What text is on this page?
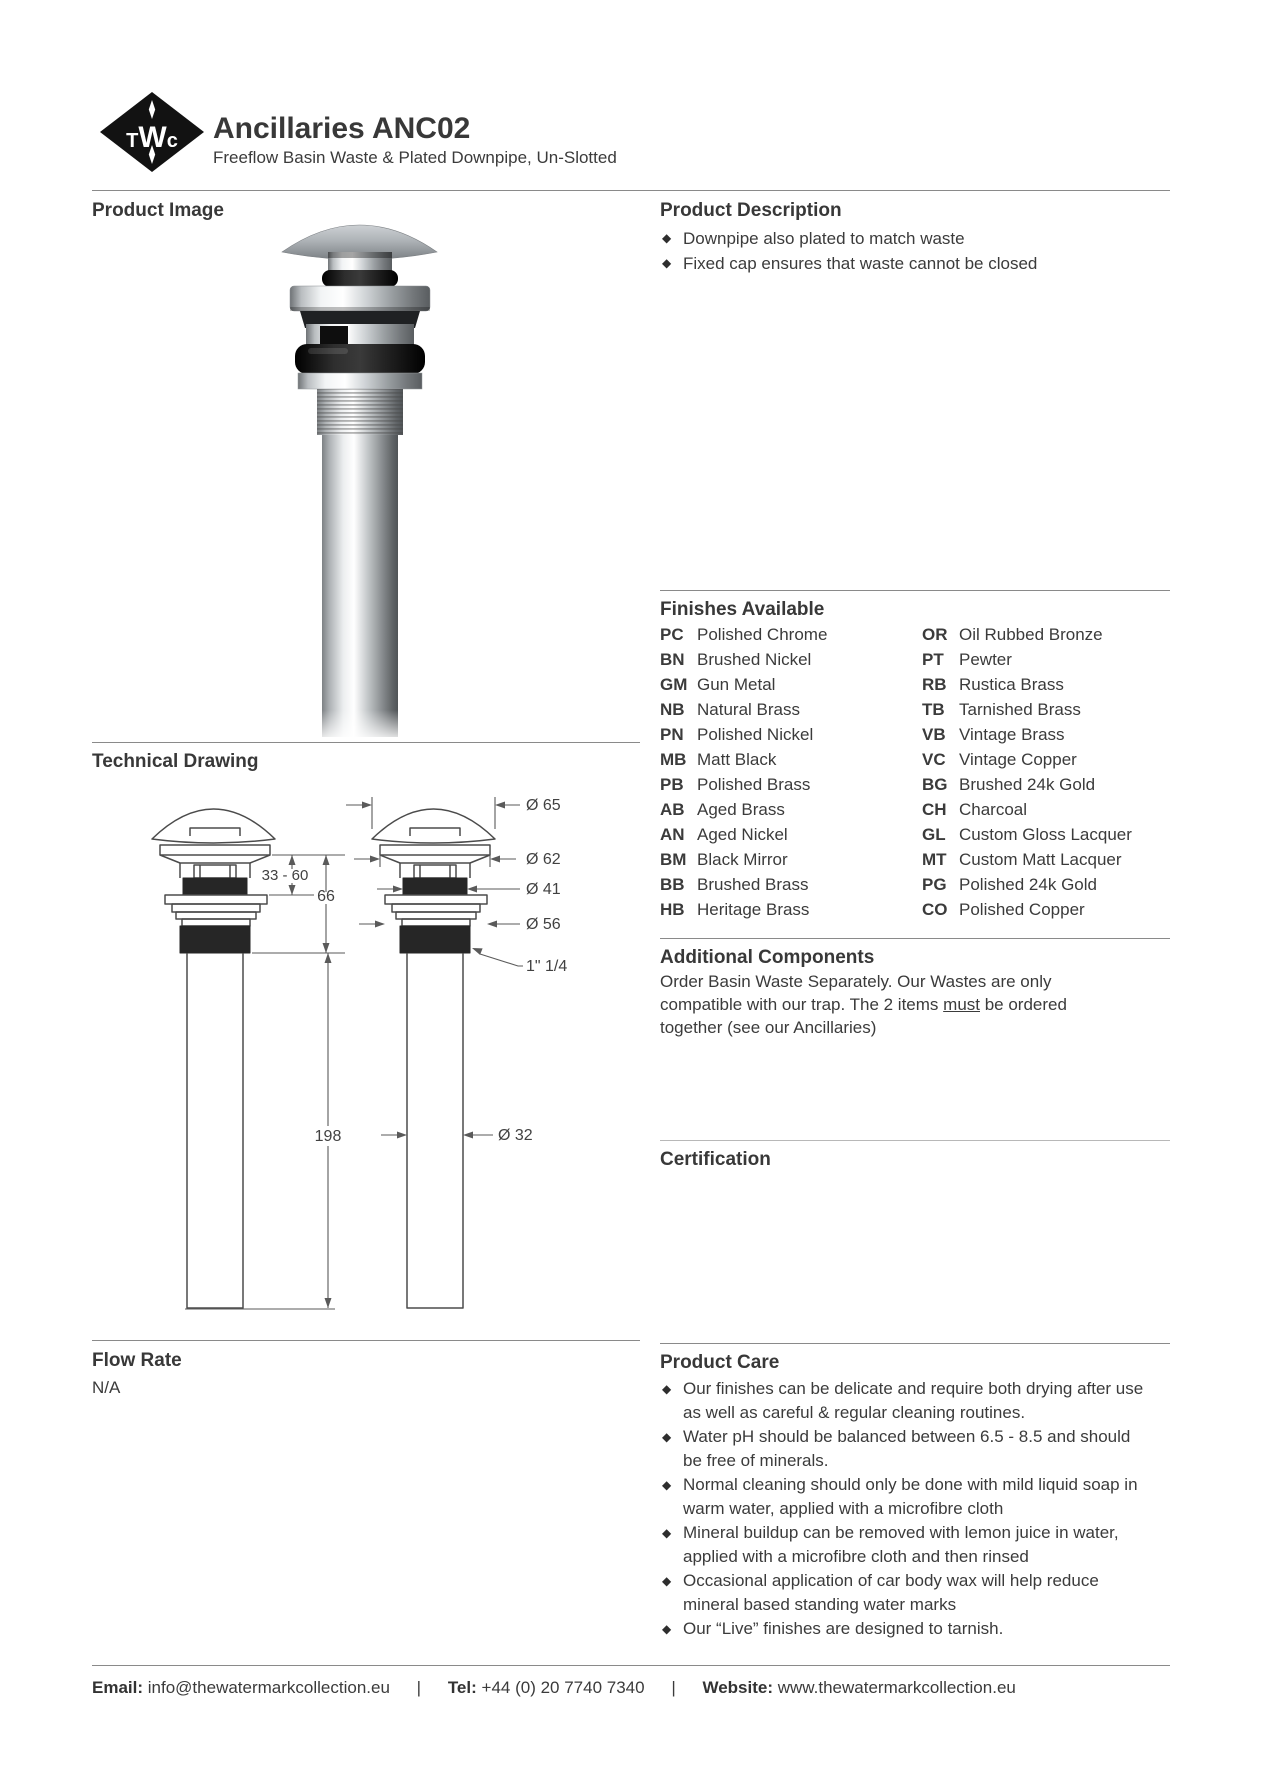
TWc Ancillaries ANC02
Freeflow Basin Waste & Plated Downpipe, Un-Slotted
Product Image
Technical Drawing
33 - 60
66
198
Ø 65
Ø 62
Ø 41
Ø 56
1" 1/4
Ø 32
Flow Rate
N/A
Product Description
◆ Downpipe also plated to match waste
◆ Fixed cap ensures that waste cannot be closed
Finishes Available
PC Polished Chrome
BN Brushed Nickel
GM Gun Metal
NB Natural Brass
PN Polished Nickel
MB Matt Black
PB Polished Brass
AB Aged Brass
AN Aged Nickel
BM Black Mirror
BB Brushed Brass
HB Heritage Brass
OR Oil Rubbed Bronze
PT Pewter
RB Rustica Brass
TB Tarnished Brass
VB Vintage Brass
VC Vintage Copper
BG Brushed 24k Gold
CH Charcoal
GL Custom Gloss Lacquer
MT Custom Matt Lacquer
PG Polished 24k Gold
CO Polished Copper
Additional Components
Order Basin Waste Separately. Our Wastes are only
compatible with our trap. The 2 items must be ordered
together (see our Ancillaries)
Certification
Product Care
◆ Our finishes can be delicate and require both drying after use as well as careful & regular cleaning routines.
◆ Water pH should be balanced between 6.5 - 8.5 and should be free of minerals.
◆ Normal cleaning should only be done with mild liquid soap in warm water, applied with a microfibre cloth
◆ Mineral buildup can be removed with lemon juice in water, applied with a microfibre cloth and then rinsed
◆ Occasional application of car body wax will help reduce mineral based standing water marks
◆ Our “Live” finishes are designed to tarnish.
Email: info@thewatermarkcollection.eu | Tel: +44 (0) 20 7740 7340 | Website: www.thewatermarkcollection.eu
